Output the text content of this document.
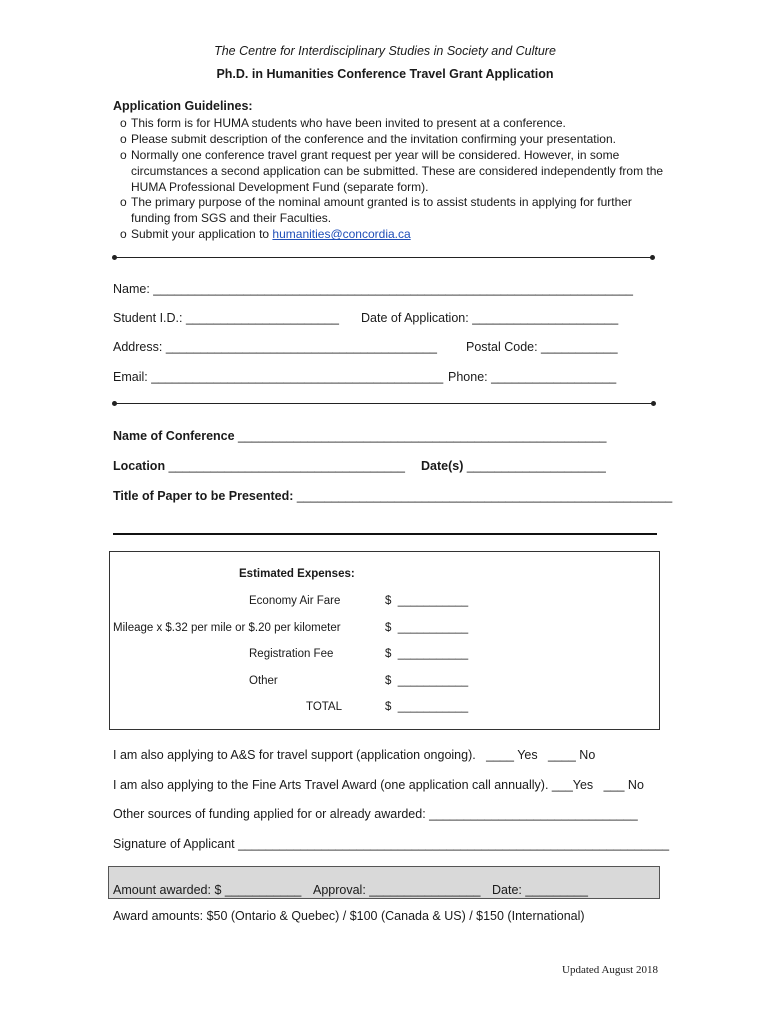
The Centre for Interdisciplinary Studies in Society and Culture
Ph.D. in Humanities Conference Travel Grant Application
Application Guidelines:
o This form is for HUMA students who have been invited to present at a conference.
o Please submit description of the conference and the invitation confirming your presentation.
o Normally one conference travel grant request per year will be considered. However, in some circumstances a second application can be submitted. These are considered independently from the HUMA Professional Development Fund (separate form).
o The primary purpose of the nominal amount granted is to assist students in applying for further funding from SGS and their Faculties.
o Submit your application to humanities@concordia.ca
Name: _____________________________________________________________________
Student I.D.: ______________________ Date of Application: _____________________
Address: _______________________________________ Postal Code: ___________
Email: __________________________________________ Phone: __________________
Name of Conference _____________________________________________________
Location __________________________________ Date(s) ____________________
Title of Paper to be Presented: ______________________________________________________
Estimated Expenses:
Economy Air Fare
Mileage x $.32 per mile or $.20 per kilometer
Registration Fee
Other
TOTAL
$ ___________
$ ___________
$ ___________
$ ___________
$ ___________
I am also applying to A&S for travel support (application ongoing). ____ Yes ____ No
I am also applying to the Fine Arts Travel Award (one application call annually). ___Yes ___ No
Other sources of funding applied for or already awarded: ______________________________
Signature of Applicant ______________________________________________________________
Amount awarded: $ ___________ Approval: ________________ Date: _________
Award amounts: $50 (Ontario & Quebec) / $100 (Canada & US) / $150 (International)
Updated August 2018
